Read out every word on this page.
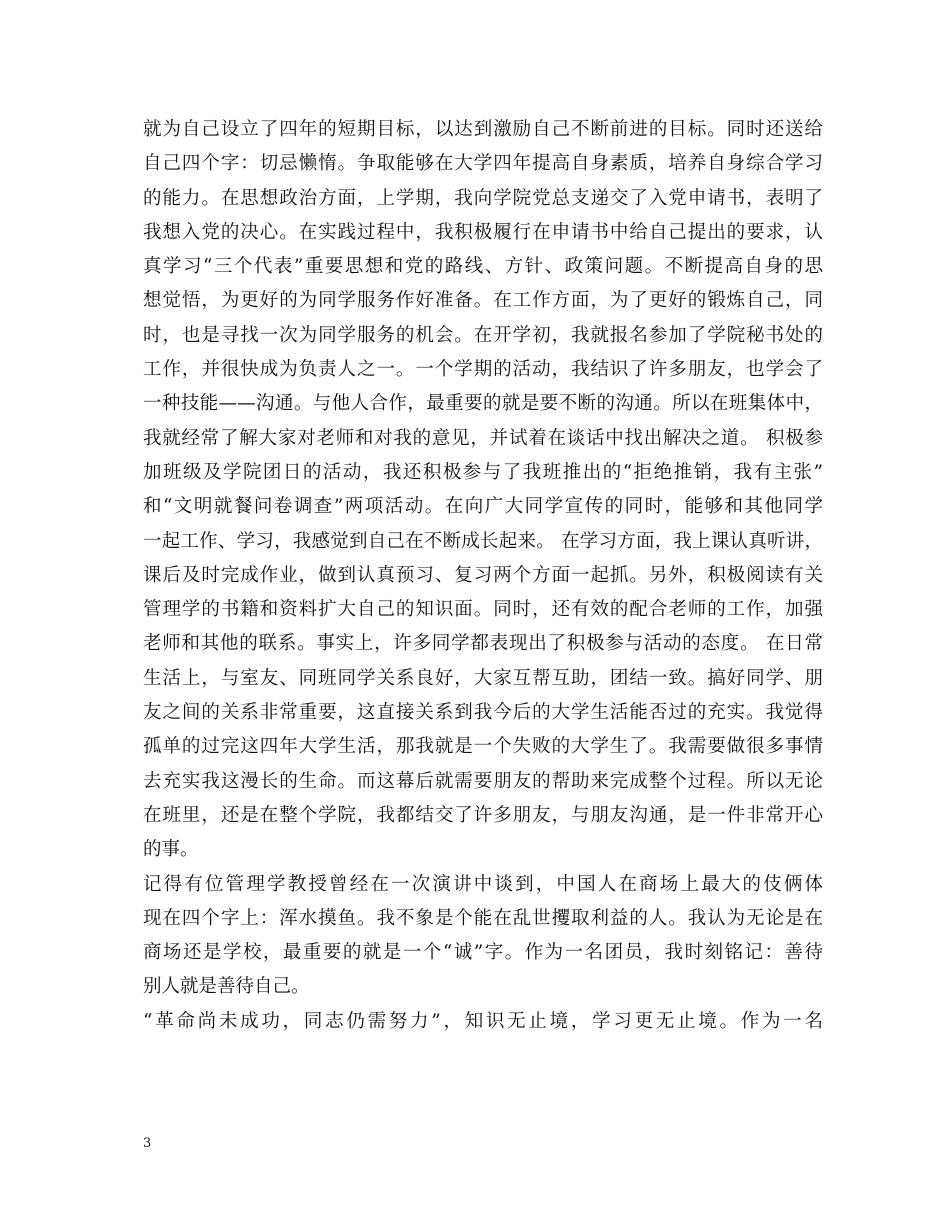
就为自己设立了四年的短期目标，以达到激励自己不断前进的目标。同时还送给
自己四个字：切忌懒惰。争取能够在大学四年提高自身素质，培养自身综合学习
的能力。在思想政治方面，上学期，我向学院党总支递交了入党申请书，表明了
我想入党的决心。在实践过程中，我积极履行在申请书中给自己提出的要求，认
真学习“三个代表”重要思想和党的路线、方针、政策问题。不断提高自身的思
想觉悟，为更好的为同学服务作好准备。在工作方面，为了更好的锻炼自己，同
时，也是寻找一次为同学服务的机会。在开学初，我就报名参加了学院秘书处的
工作，并很快成为负责人之一。一个学期的活动，我结识了许多朋友，也学会了
一种技能——沟通。与他人合作，最重要的就是要不断的沟通。所以在班集体中，
我就经常了解大家对老师和对我的意见，并试着在谈话中找出解决之道。 积极参
加班级及学院团日的活动，我还积极参与了我班推出的“拒绝推销，我有主张”
和“文明就餐问卷调查”两项活动。在向广大同学宣传的同时，能够和其他同学
一起工作、学习，我感觉到自己在不断成长起来。 在学习方面，我上课认真听讲，
课后及时完成作业，做到认真预习、复习两个方面一起抓。另外，积极阅读有关
管理学的书籍和资料扩大自己的知识面。同时，还有效的配合老师的工作，加强
老师和其他的联系。事实上，许多同学都表现出了积极参与活动的态度。 在日常
生活上，与室友、同班同学关系良好，大家互帮互助，团结一致。搞好同学、朋
友之间的关系非常重要，这直接关系到我今后的大学生活能否过的充实。我觉得
孤单的过完这四年大学生活，那我就是一个失败的大学生了。我需要做很多事情
去充实我这漫长的生命。而这幕后就需要朋友的帮助来完成整个过程。所以无论
在班里，还是在整个学院，我都结交了许多朋友，与朋友沟通，是一件非常开心
的事。
记得有位管理学教授曾经在一次演讲中谈到，中国人在商场上最大的伎俩体
现在四个字上：浑水摸鱼。我不象是个能在乱世攫取利益的人。我认为无论是在
商场还是学校，最重要的就是一个“诚”字。作为一名团员，我时刻铭记：善待
别人就是善待自己。
“革命尚未成功，同志仍需努力”，知识无止境，学习更无止境。作为一名
3
